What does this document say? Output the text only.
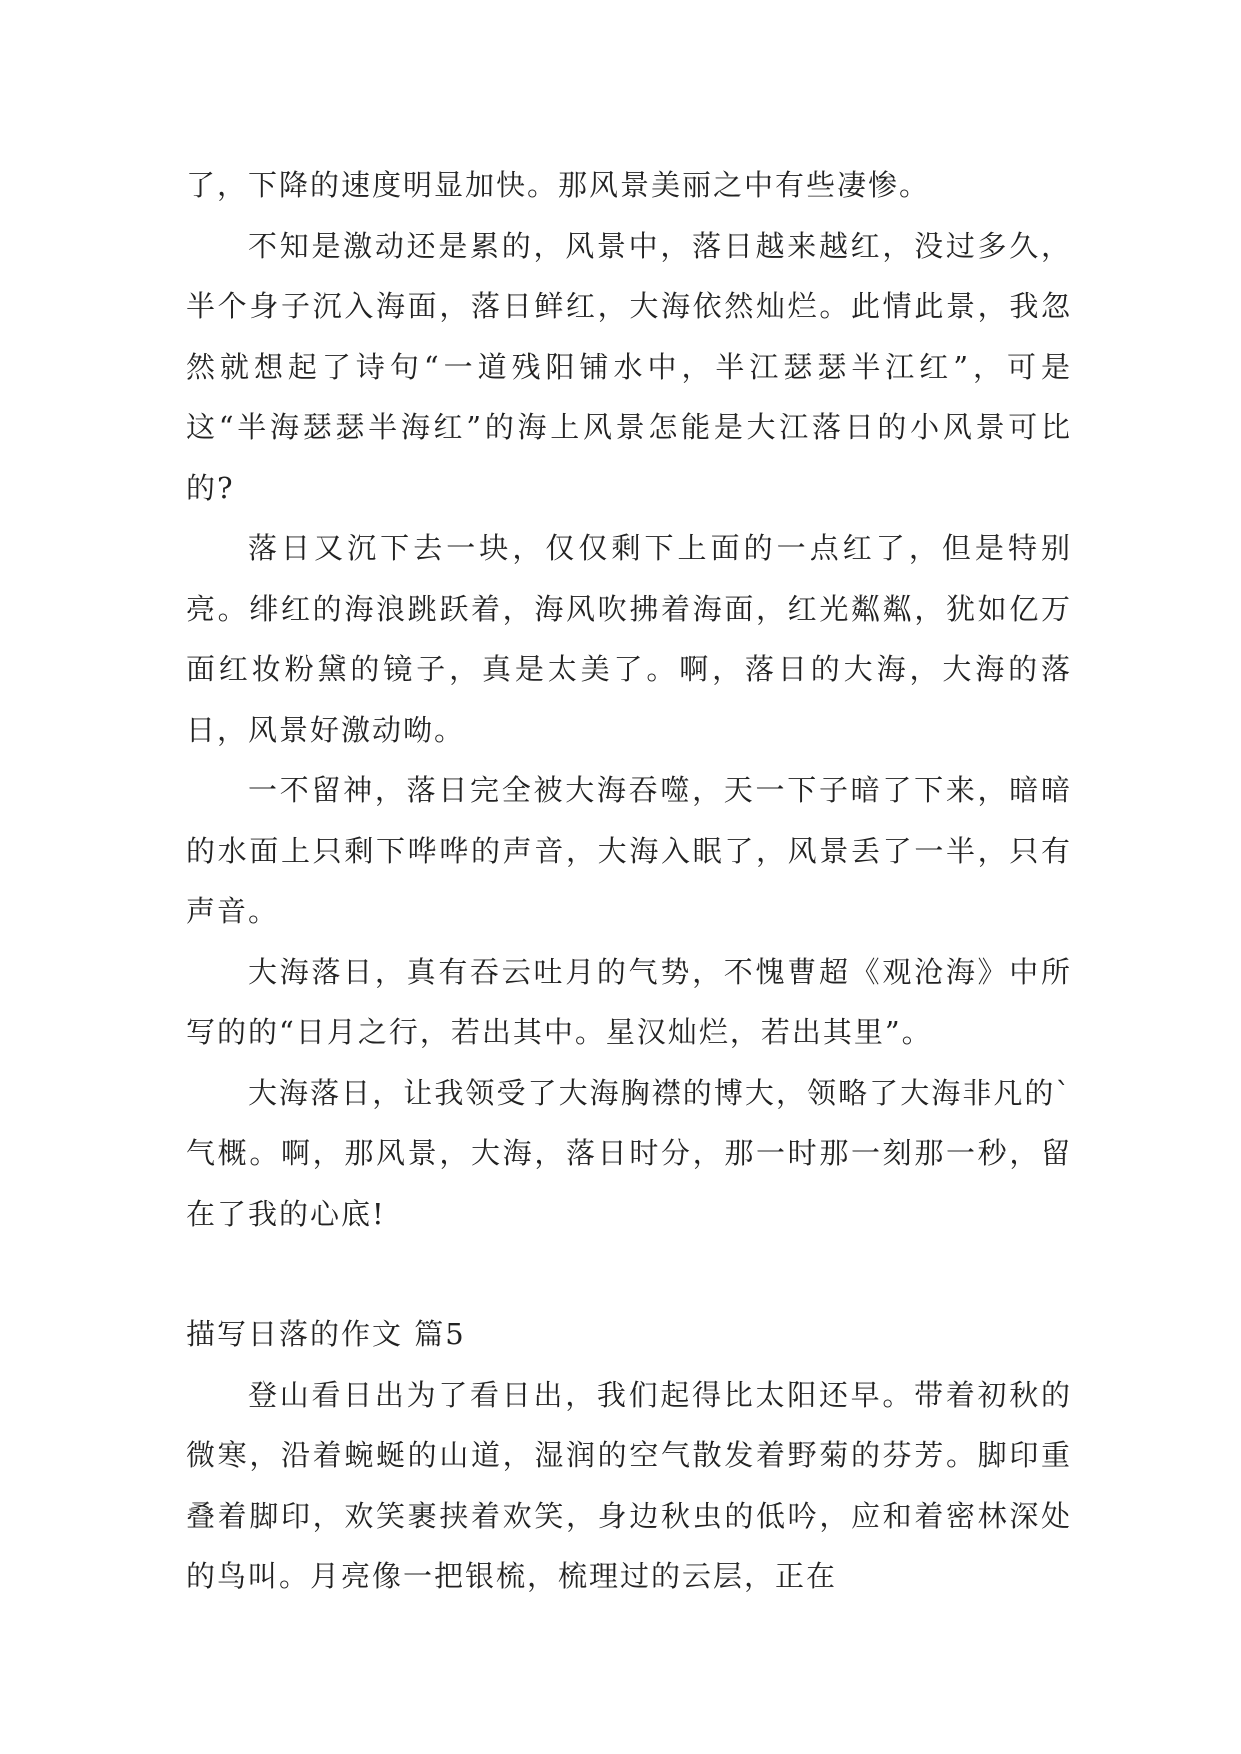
了，下降的速度明显加快。那风景美丽之中有些凄惨。

不知是激动还是累的，风景中，落日越来越红，没过多久，半个身子沉入海面，落日鲜红，大海依然灿烂。此情此景，我忽然就想起了诗句“一道残阳铺水中，半江瑟瑟半江红”，可是这“半海瑟瑟半海红”的海上风景怎能是大江落日的小风景可比的?

落日又沉下去一块，仅仅剩下上面的一点红了，但是特别亮。绯红的海浪跳跃着，海风吹拂着海面，红光粼粼，犹如亿万面红妆粉黛的镜子，真是太美了。啊，落日的大海，大海的落日，风景好激动呦。

一不留神，落日完全被大海吞噬，天一下子暗了下来，暗暗的水面上只剩下哗哗的声音，大海入眠了，风景丢了一半，只有声音。

大海落日，真有吞云吐月的气势，不愧曹超《观沧海》中所写的的“日月之行，若出其中。星汉灿烂，若出其里”。

大海落日，让我领受了大海胸襟的博大，领略了大海非凡的`气概。啊，那风景，大海，落日时分，那一时那一刻那一秒，留在了我的心底!

描写日落的作文 篇5

登山看日出为了看日出，我们起得比太阳还早。带着初秋的微寒，沿着蜿蜒的山道，湿润的空气散发着野菊的芬芳。脚印重叠着脚印，欢笑裹挟着欢笑，身边秋虫的低吟，应和着密林深处的鸟叫。月亮像一把银梳，梳理过的云层，正在
